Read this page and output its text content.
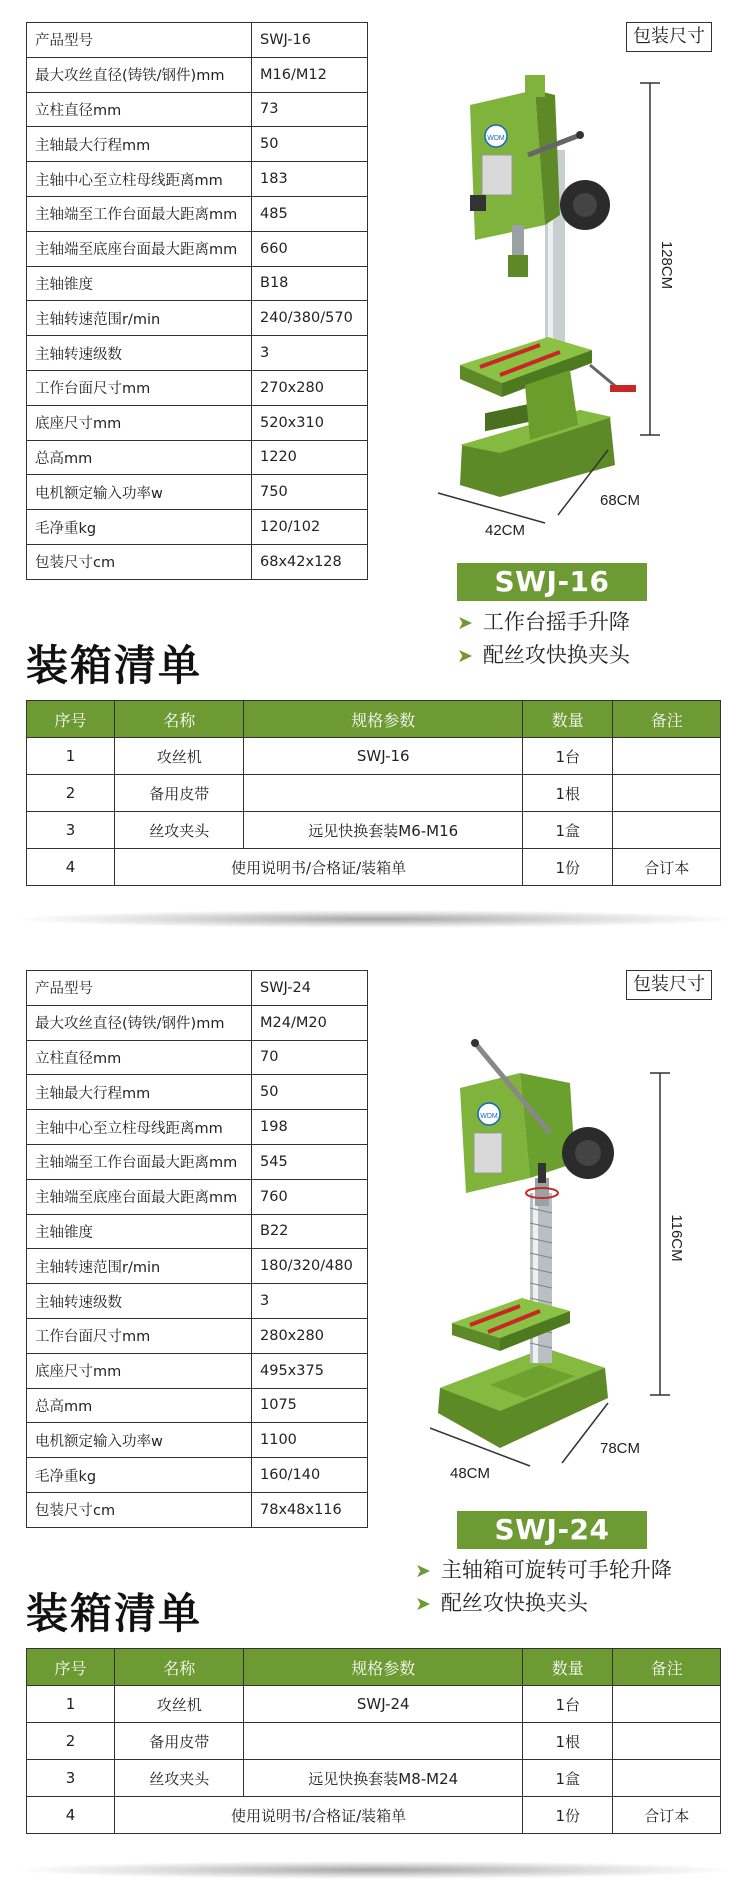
产品型号	SWJ-16
最大攻丝直径(铸铁/钢件)mm	M16/M12
立柱直径mm	73
主轴最大行程mm	50
主轴中心至立柱母线距离mm	183
主轴端至工作台面最大距离mm	485
主轴端至底座台面最大距离mm	660
主轴锥度	B18
主轴转速范围r/min	240/380/570
主轴转速级数	3
工作台面尺寸mm	270x280
底座尺寸mm	520x310
总高mm	1220
电机额定输入功率w	750
毛净重kg	120/102
包装尺寸cm	68x42x128
包装尺寸
128CM
WDM
68CM
42CM
SWJ-16
➤ 工作台摇手升降
➤ 配丝攻快换夹头
装箱清单
序号	名称	规格参数	数量	备注
1	攻丝机	SWJ-16	1台	
2	备用皮带		1根	
3	丝攻夹头	远见快换套装M6-M16	1盒	
4	使用说明书/合格证/装箱单		1份	合订本
产品型号	SWJ-24
最大攻丝直径(铸铁/钢件)mm	M24/M20
立柱直径mm	70
主轴最大行程mm	50
主轴中心至立柱母线距离mm	198
主轴端至工作台面最大距离mm	545
主轴端至底座台面最大距离mm	760
主轴锥度	B22
主轴转速范围r/min	180/320/480
主轴转速级数	3
工作台面尺寸mm	280x280
底座尺寸mm	495x375
总高mm	1075
电机额定输入功率w	1100
毛净重kg	160/140
包装尺寸cm	78x48x116
包装尺寸
116CM
WDM
78CM
48CM
SWJ-24
➤ 主轴箱可旋转可手轮升降
➤ 配丝攻快换夹头
装箱清单
序号	名称	规格参数	数量	备注
1	攻丝机	SWJ-24	1台	
2	备用皮带		1根	
3	丝攻夹头	远见快换套装M8-M24	1盒	
4	使用说明书/合格证/装箱单		1份	合订本
